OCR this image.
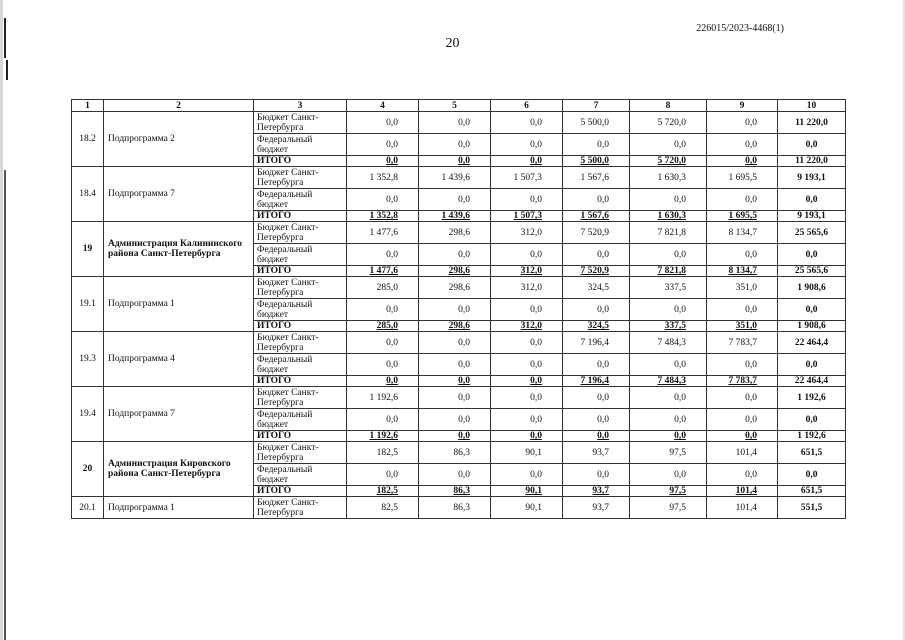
226015/2023-4468(1)
20
1	2	3	4	5	6	7	8	9	10
18.2	Подпрограмма 2	Бюджет Санкт-Петербурга	0,0	0,0	0,0	5 500,0	5 720,0	0,0	11 220,0
		Федеральный бюджет	0,0	0,0	0,0	0,0	0,0	0,0	0,0
		ИТОГО	0,0	0,0	0,0	5 500,0	5 720,0	0,0	11 220,0
18.4	Подпрограмма 7	Бюджет Санкт-Петербурга	1 352,8	1 439,6	1 507,3	1 567,6	1 630,3	1 695,5	9 193,1
		Федеральный бюджет	0,0	0,0	0,0	0,0	0,0	0,0	0,0
		ИТОГО	1 352,8	1 439,6	1 507,3	1 567,6	1 630,3	1 695,5	9 193,1
19	Администрация Калининского района Санкт-Петербурга	Бюджет Санкт-Петербурга	1 477,6	298,6	312,0	7 520,9	7 821,8	8 134,7	25 565,6
		Федеральный бюджет	0,0	0,0	0,0	0,0	0,0	0,0	0,0
		ИТОГО	1 477,6	298,6	312,0	7 520,9	7 821,8	8 134,7	25 565,6
19.1	Подпрограмма 1	Бюджет Санкт-Петербурга	285,0	298,6	312,0	324,5	337,5	351,0	1 908,6
		Федеральный бюджет	0,0	0,0	0,0	0,0	0,0	0,0	0,0
		ИТОГО	285,0	298,6	312,0	324,5	337,5	351,0	1 908,6
19.3	Подпрограмма 4	Бюджет Санкт-Петербурга	0,0	0,0	0,0	7 196,4	7 484,3	7 783,7	22 464,4
		Федеральный бюджет	0,0	0,0	0,0	0,0	0,0	0,0	0,0
		ИТОГО	0,0	0,0	0,0	7 196,4	7 484,3	7 783,7	22 464,4
19.4	Подпрограмма 7	Бюджет Санкт-Петербурга	1 192,6	0,0	0,0	0,0	0,0	0,0	1 192,6
		Федеральный бюджет	0,0	0,0	0,0	0,0	0,0	0,0	0,0
		ИТОГО	1 192,6	0,0	0,0	0,0	0,0	0,0	1 192,6
20	Администрация Кировского района Санкт-Петербурга	Бюджет Санкт-Петербурга	182,5	86,3	90,1	93,7	97,5	101,4	651,5
		Федеральный бюджет	0,0	0,0	0,0	0,0	0,0	0,0	0,0
		ИТОГО	182,5	86,3	90,1	93,7	97,5	101,4	651,5
20.1	Подпрограмма 1	Бюджет Санкт-Петербурга	82,5	86,3	90,1	93,7	97,5	101,4	551,5
